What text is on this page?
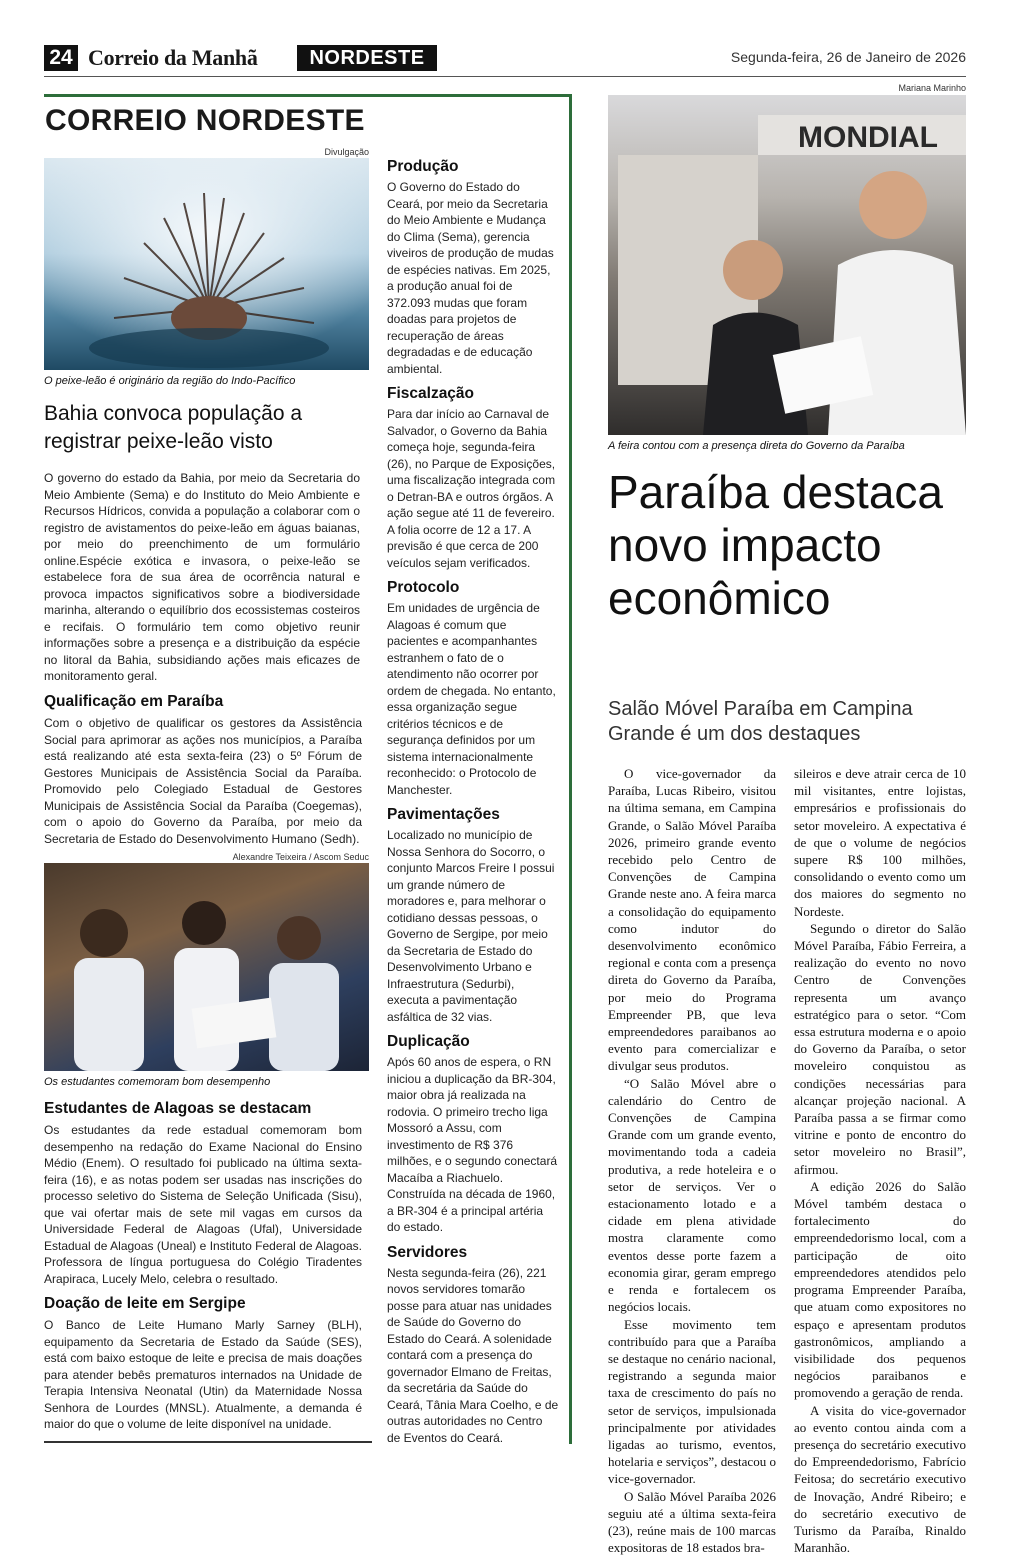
24 Correio da Manhã	NORDESTE	Segunda-feira, 26 de Janeiro de 2026
CORREIO NORDESTE
Divulgação
O peixe-leão é originário da região do Indo-Pacífico
Bahia convoca população a registrar peixe-leão visto

O governo do estado da Bahia, por meio da Secretaria do Meio Ambiente (Sema) e do Instituto do Meio Ambiente e Recursos Hídricos, convida a população a colaborar com o registro de avistamentos do peixe-leão em águas baianas, por meio do preenchimento de um formulário online.Espécie exótica e invasora, o peixe-leão se estabelece fora de sua área de ocorrência natural e provoca impactos significativos sobre a biodiversidade marinha, alterando o equilíbrio dos ecossistemas costeiros e recifais. O formulário tem como objetivo reunir informações sobre a presença e a distribuição da espécie no litoral da Bahia, subsidiando ações mais eficazes de monitoramento geral.

Qualificação em Paraíba

Com o objetivo de qualificar os gestores da Assistência Social para aprimorar as ações nos municípios, a Paraíba está realizando até esta sexta-feira (23) o 5º Fórum de Gestores Municipais de Assistência Social da Paraíba. Promovido pelo Colegiado Estadual de Gestores Municipais de Assistência Social da Paraíba (Coegemas), com o apoio do Governo da Paraíba, por meio da Secretaria de Estado do Desenvolvimento Humano (Sedh).

Alexandre Teixeira / Ascom Seduc
Os estudantes comemoram bom desempenho
Estudantes de Alagoas se destacam

Os estudantes da rede estadual comemoram bom desempenho na redação do Exame Nacional do Ensino Médio (Enem). O resultado foi publicado na última sexta-feira (16), e as notas podem ser usadas nas inscrições do processo seletivo do Sistema de Seleção Unificada (Sisu), que vai ofertar mais de sete mil vagas em cursos da Universidade Federal de Alagoas (Ufal), Universidade Estadual de Alagoas (Uneal) e Instituto Federal de Alagoas. Professora de língua portuguesa do Colégio Tiradentes Arapiraca, Lucely Melo, celebra o resultado.

Doação de leite em Sergipe

O Banco de Leite Humano Marly Sarney (BLH), equipamento da Secretaria de Estado da Saúde (SES), está com baixo estoque de leite e precisa de mais doações para atender bebês prematuros internados na Unidade de Terapia Intensiva Neonatal (Utin) da Maternidade Nossa Senhora de Lourdes (MNSL). Atualmente, a demanda é maior do que o volume de leite disponível na unidade.

Produção

O Governo do Estado do Ceará, por meio da Secretaria do Meio Ambiente e Mudança do Clima (Sema), gerencia viveiros de produção de mudas de espécies nativas. Em 2025, a produção anual foi de 372.093 mudas que foram doadas para projetos de recuperação de áreas degradadas e de educação ambiental.

Fiscalzação

Para dar início ao Carnaval de Salvador, o Governo da Bahia começa hoje, segunda-feira (26), no Parque de Exposições, uma fiscalização integrada com o Detran-BA e outros órgãos. A ação segue até 11 de fevereiro. A folia ocorre de 12 a 17. A previsão é que cerca de 200 veículos sejam verificados.

Protocolo

Em unidades de urgência de Alagoas é comum que pacientes e acompanhantes estranhem o fato de o atendimento não ocorrer por ordem de chegada. No entanto, essa organização segue critérios técnicos e de segurança definidos por um sistema internacionalmente reconhecido: o Protocolo de Manchester.

Pavimentações

Localizado no município de Nossa Senhora do Socorro, o conjunto Marcos Freire I possui um grande número de moradores e, para melhorar o cotidiano dessas pessoas, o Governo de Sergipe, por meio da Secretaria de Estado do Desenvolvimento Urbano e Infraestrutura (Sedurbi), executa a pavimentação asfáltica de 32 vias.

Duplicação

Após 60 anos de espera, o RN iniciou a duplicação da BR-304, maior obra já realizada na rodovia. O primeiro trecho liga Mossoró a Assu, com investimento de R$ 376 milhões, e o segundo conectará Macaíba a Riachuelo. Construída na década de 1960, a BR-304 é a principal artéria do estado.

Servidores

Nesta segunda-feira (26), 221 novos servidores tomarão posse para atuar nas unidades de Saúde do Governo do Estado do Ceará. A solenidade contará com a presença do governador Elmano de Freitas, da secretária da Saúde do Ceará, Tânia Mara Coelho, e de outras autoridades no Centro de Eventos do Ceará.

Mariana Marinho
MONDIAL
A feira contou com a presença direta do Governo da Paraíba
Paraíba destaca novo impacto econômico

Salão Móvel Paraíba em Campina Grande é um dos destaques

O vice-governador da Paraíba, Lucas Ribeiro, visitou na última semana, em Campina Grande, o Salão Móvel Paraíba 2026, primeiro grande evento recebido pelo Centro de Convenções de Campina Grande neste ano. A feira marca a consolidação do equipamento como indutor do desenvolvimento econômico regional e conta com a presença direta do Governo da Paraíba, por meio do Programa Empreender PB, que leva empreendedores paraibanos ao evento para comercializar e divulgar seus produtos.

“O Salão Móvel abre o calendário do Centro de Convenções de Campina Grande com um grande evento, movimentando toda a cadeia produtiva, a rede hoteleira e o setor de serviços. Ver o estacionamento lotado e a cidade em plena atividade mostra claramente como eventos desse porte fazem a economia girar, geram emprego e renda e fortalecem os negócios locais.

Esse movimento tem contribuído para que a Paraíba se destaque no cenário nacional, registrando a segunda maior taxa de crescimento do país no setor de serviços, impulsionada principalmente por atividades ligadas ao turismo, eventos, hotelaria e serviços”, destacou o vice-governador.

O Salão Móvel Paraíba 2026 seguiu até a última sexta-feira (23), reúne mais de 100 marcas expositoras de 18 estados bra-

sileiros e deve atrair cerca de 10 mil visitantes, entre lojistas, empresários e profissionais do setor moveleiro. A expectativa é de que o volume de negócios supere R$ 100 milhões, consolidando o evento como um dos maiores do segmento no Nordeste.

Segundo o diretor do Salão Móvel Paraíba, Fábio Ferreira, a realização do evento no novo Centro de Convenções representa um avanço estratégico para o setor. “Com essa estrutura moderna e o apoio do Governo da Paraíba, o setor moveleiro conquistou as condições necessárias para alcançar projeção nacional. A Paraíba passa a se firmar como vitrine e ponto de encontro do setor moveleiro no Brasil”, afirmou.

A edição 2026 do Salão Móvel também destaca o fortalecimento do empreendedorismo local, com a participação de oito empreendedores atendidos pelo programa Empreender Paraíba, que atuam como expositores no espaço e apresentam produtos gastronômicos, ampliando a visibilidade dos pequenos negócios paraibanos e promovendo a geração de renda.

A visita do vice-governador ao evento contou ainda com a presença do secretário executivo do Empreendedorismo, Fabrício Feitosa; do secretário executivo de Inovação, André Ribeiro; e do secretário executivo de Turismo da Paraíba, Rinaldo Maranhão.
